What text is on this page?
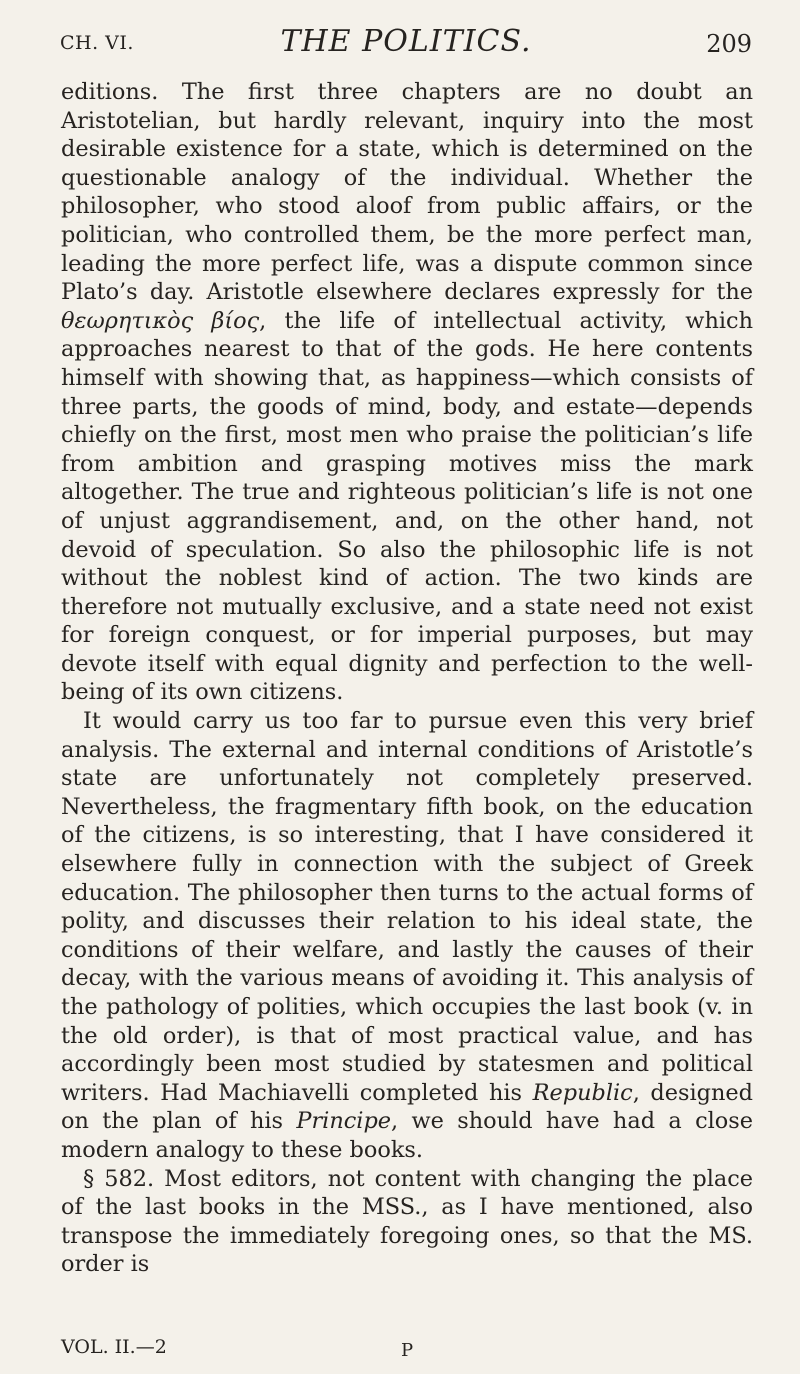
CH. VI.	THE POLITICS.	209

editions. The first three chapters are no doubt an Aristotelian, but hardly relevant, inquiry into the most desirable existence for a state, which is determined on the questionable analogy of the individual. Whether the philosopher, who stood aloof from public affairs, or the politician, who controlled them, be the more perfect man, leading the more perfect life, was a dispute common since Plato’s day. Aristotle elsewhere declares expressly for the θεωρητικὸς βίος, the life of intellectual activity, which approaches nearest to that of the gods. He here contents himself with showing that, as happiness—which consists of three parts, the goods of mind, body, and estate—depends chiefly on the first, most men who praise the politician’s life from ambition and grasping motives miss the mark altogether. The true and righteous politician’s life is not one of unjust aggrandisement, and, on the other hand, not devoid of speculation. So also the philosophic life is not without the noblest kind of action. The two kinds are therefore not mutually exclusive, and a state need not exist for foreign conquest, or for imperial purposes, but may devote itself with equal dignity and perfection to the well-being of its own citizens.

It would carry us too far to pursue even this very brief analysis. The external and internal conditions of Aristotle’s state are unfortunately not completely preserved. Nevertheless, the fragmentary fifth book, on the education of the citizens, is so interesting, that I have considered it elsewhere fully in connection with the subject of Greek education. The philosopher then turns to the actual forms of polity, and discusses their relation to his ideal state, the conditions of their welfare, and lastly the causes of their decay, with the various means of avoiding it. This analysis of the pathology of polities, which occupies the last book (v. in the old order), is that of most practical value, and has accordingly been most studied by statesmen and political writers. Had Machiavelli completed his Republic, designed on the plan of his Principe, we should have had a close modern analogy to these books.

§ 582. Most editors, not content with changing the place of the last books in the MSS., as I have mentioned, also transpose the immediately foregoing ones, so that the MS. order is

VOL. II.—2	P
